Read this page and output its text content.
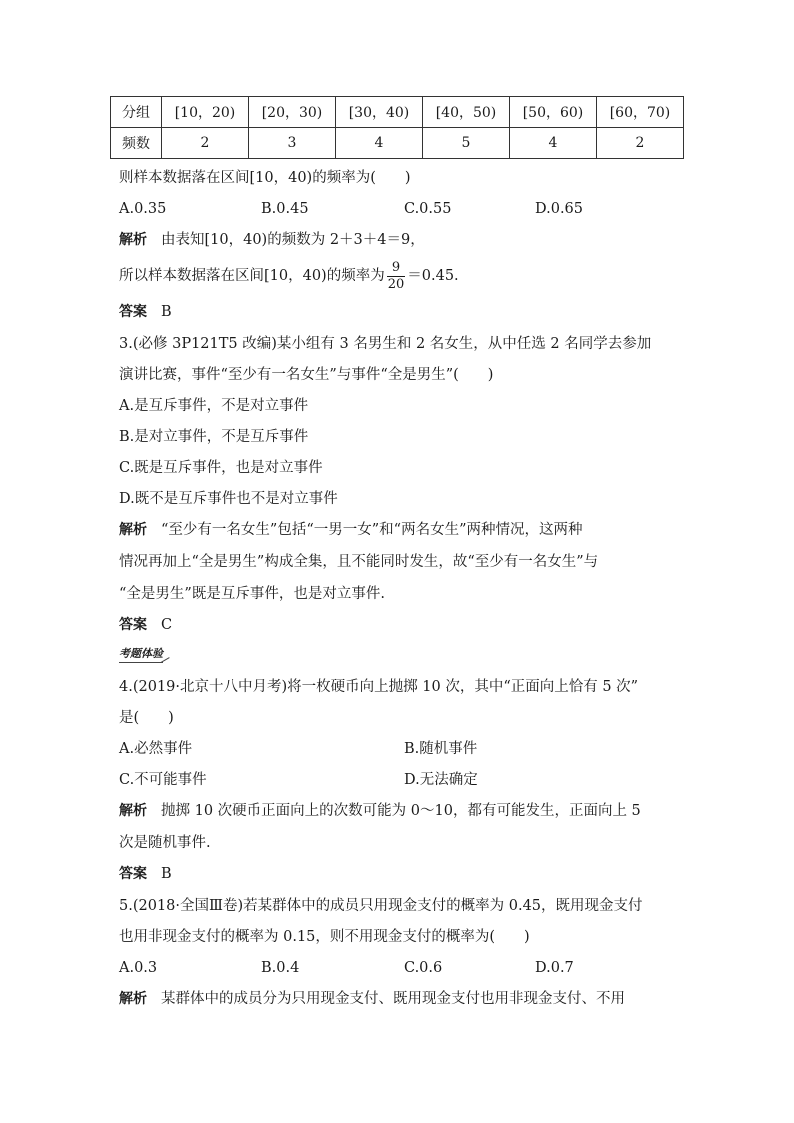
分组	[10，20)	[20，30)	[30，40)	[40，50)	[50，60)	[60，70)
频数	2	3	4	5	4	2
则样本数据落在区间[10，40)的频率为(　　)
A.0.35	B.0.45	C.0.55	D.0.65
解析 由表知[10，40)的频数为 2＋3＋4＝9，
所以样本数据落在区间[10，40)的频率为 $\frac{9}{20} =0.45$.
答案 B
3.(必修 3P121T5 改编)某小组有 3 名男生和 2 名女生，从中任选 2 名同学去参加
演讲比赛，事件“至少有一名女生”与事件“全是男生”(　　)
A.是互斥事件，不是对立事件
B.是对立事件，不是互斥事件
C.既是互斥事件，也是对立事件
D.既不是互斥事件也不是对立事件
解析 “至少有一名女生”包括“一男一女”和“两名女生”两种情况，这两种
情况再加上“全是男生”构成全集，且不能同时发生，故“至少有一名女生”与
“全是男生”既是互斥事件，也是对立事件.
答案 C
考题体验
4.(2019·北京十八中月考)将一枚硬币向上抛掷 10 次，其中“正面向上恰有 5 次”
是(　　)
A.必然事件	B.随机事件
C.不可能事件	D.无法确定
解析 抛掷 10 次硬币正面向上的次数可能为 0～10，都有可能发生，正面向上 5
次是随机事件.
答案 B
5.(2018·全国Ⅲ卷)若某群体中的成员只用现金支付的概率为 0.45，既用现金支付
也用非现金支付的概率为 0.15，则不用现金支付的概率为(　　)
A.0.3	B.0.4	C.0.6	D.0.7
解析 某群体中的成员分为只用现金支付、既用现金支付也用非现金支付、不用
